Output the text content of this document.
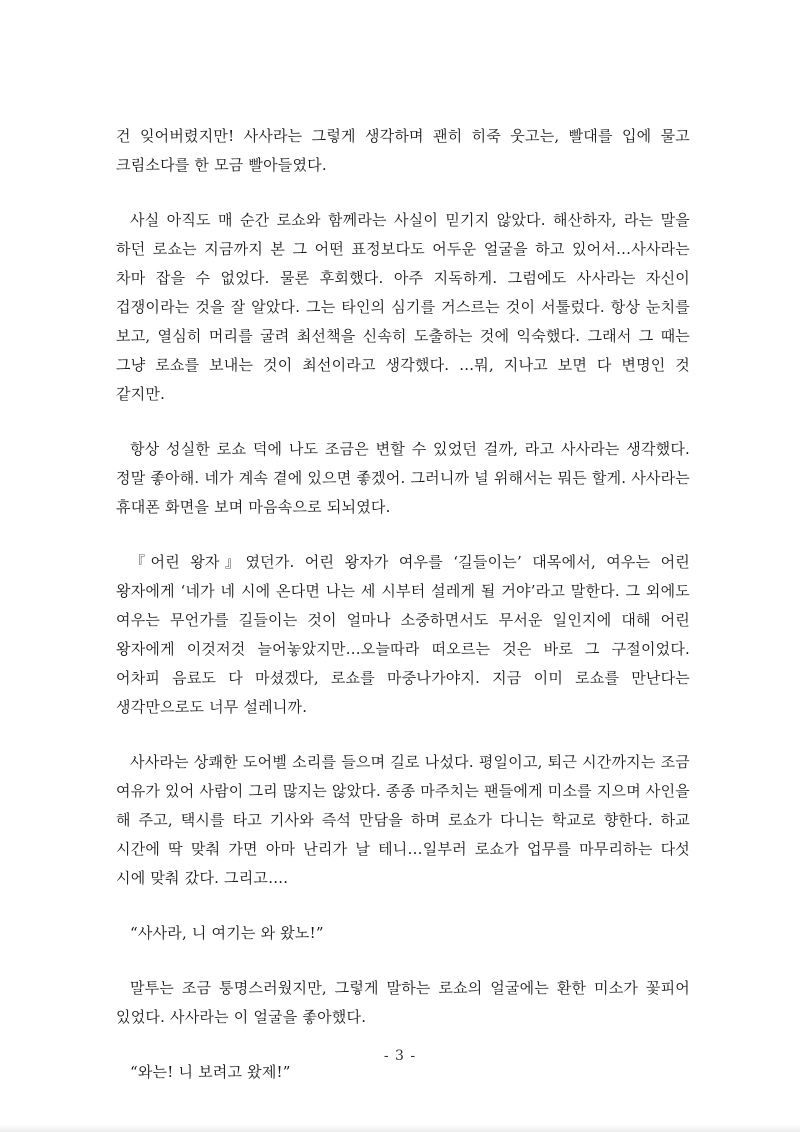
건 잊어버렸지만! 사사라는 그렇게 생각하며 괜히 히죽 웃고는, 빨대를 입에 물고 크림소다를 한 모금 빨아들였다.

사실 아직도 매 순간 로쇼와 함께라는 사실이 믿기지 않았다. 해산하자, 라는 말을 하던 로쇼는 지금까지 본 그 어떤 표정보다도 어두운 얼굴을 하고 있어서…사사라는 차마 잡을 수 없었다. 물론 후회했다. 아주 지독하게. 그럼에도 사사라는 자신이 겁쟁이라는 것을 잘 알았다. 그는 타인의 심기를 거스르는 것이 서툴렀다. 항상 눈치를 보고, 열심히 머리를 굴려 최선책을 신속히 도출하는 것에 익숙했다. 그래서 그 때는 그냥 로쇼를 보내는 것이 최선이라고 생각했다. …뭐, 지나고 보면 다 변명인 것 같지만.

항상 성실한 로쇼 덕에 나도 조금은 변할 수 있었던 걸까, 라고 사사라는 생각했다. 정말 좋아해. 네가 계속 곁에 있으면 좋겠어. 그러니까 널 위해서는 뭐든 할게. 사사라는 휴대폰 화면을 보며 마음속으로 되뇌였다.

『어린 왕자』였던가. 어린 왕자가 여우를 ‘길들이는’ 대목에서, 여우는 어린 왕자에게 ‘네가 네 시에 온다면 나는 세 시부터 설레게 될 거야’라고 말한다. 그 외에도 여우는 무언가를 길들이는 것이 얼마나 소중하면서도 무서운 일인지에 대해 어린 왕자에게 이것저것 늘어놓았지만…오늘따라 떠오르는 것은 바로 그 구절이었다. 어차피 음료도 다 마셨겠다, 로쇼를 마중나가야지. 지금 이미 로쇼를 만난다는 생각만으로도 너무 설레니까.

사사라는 상쾌한 도어벨 소리를 들으며 길로 나섰다. 평일이고, 퇴근 시간까지는 조금 여유가 있어 사람이 그리 많지는 않았다. 종종 마주치는 팬들에게 미소를 지으며 사인을 해 주고, 택시를 타고 기사와 즉석 만담을 하며 로쇼가 다니는 학교로 향한다. 하교 시간에 딱 맞춰 가면 아마 난리가 날 테니…일부러 로쇼가 업무를 마무리하는 다섯 시에 맞춰 갔다. 그리고….

“사사라, 니 여기는 와 왔노!”

말투는 조금 퉁명스러웠지만, 그렇게 말하는 로쇼의 얼굴에는 환한 미소가 꽃피어 있었다. 사사라는 이 얼굴을 좋아했다.

“와는! 니 보려고 왔제!”

- 3 -
